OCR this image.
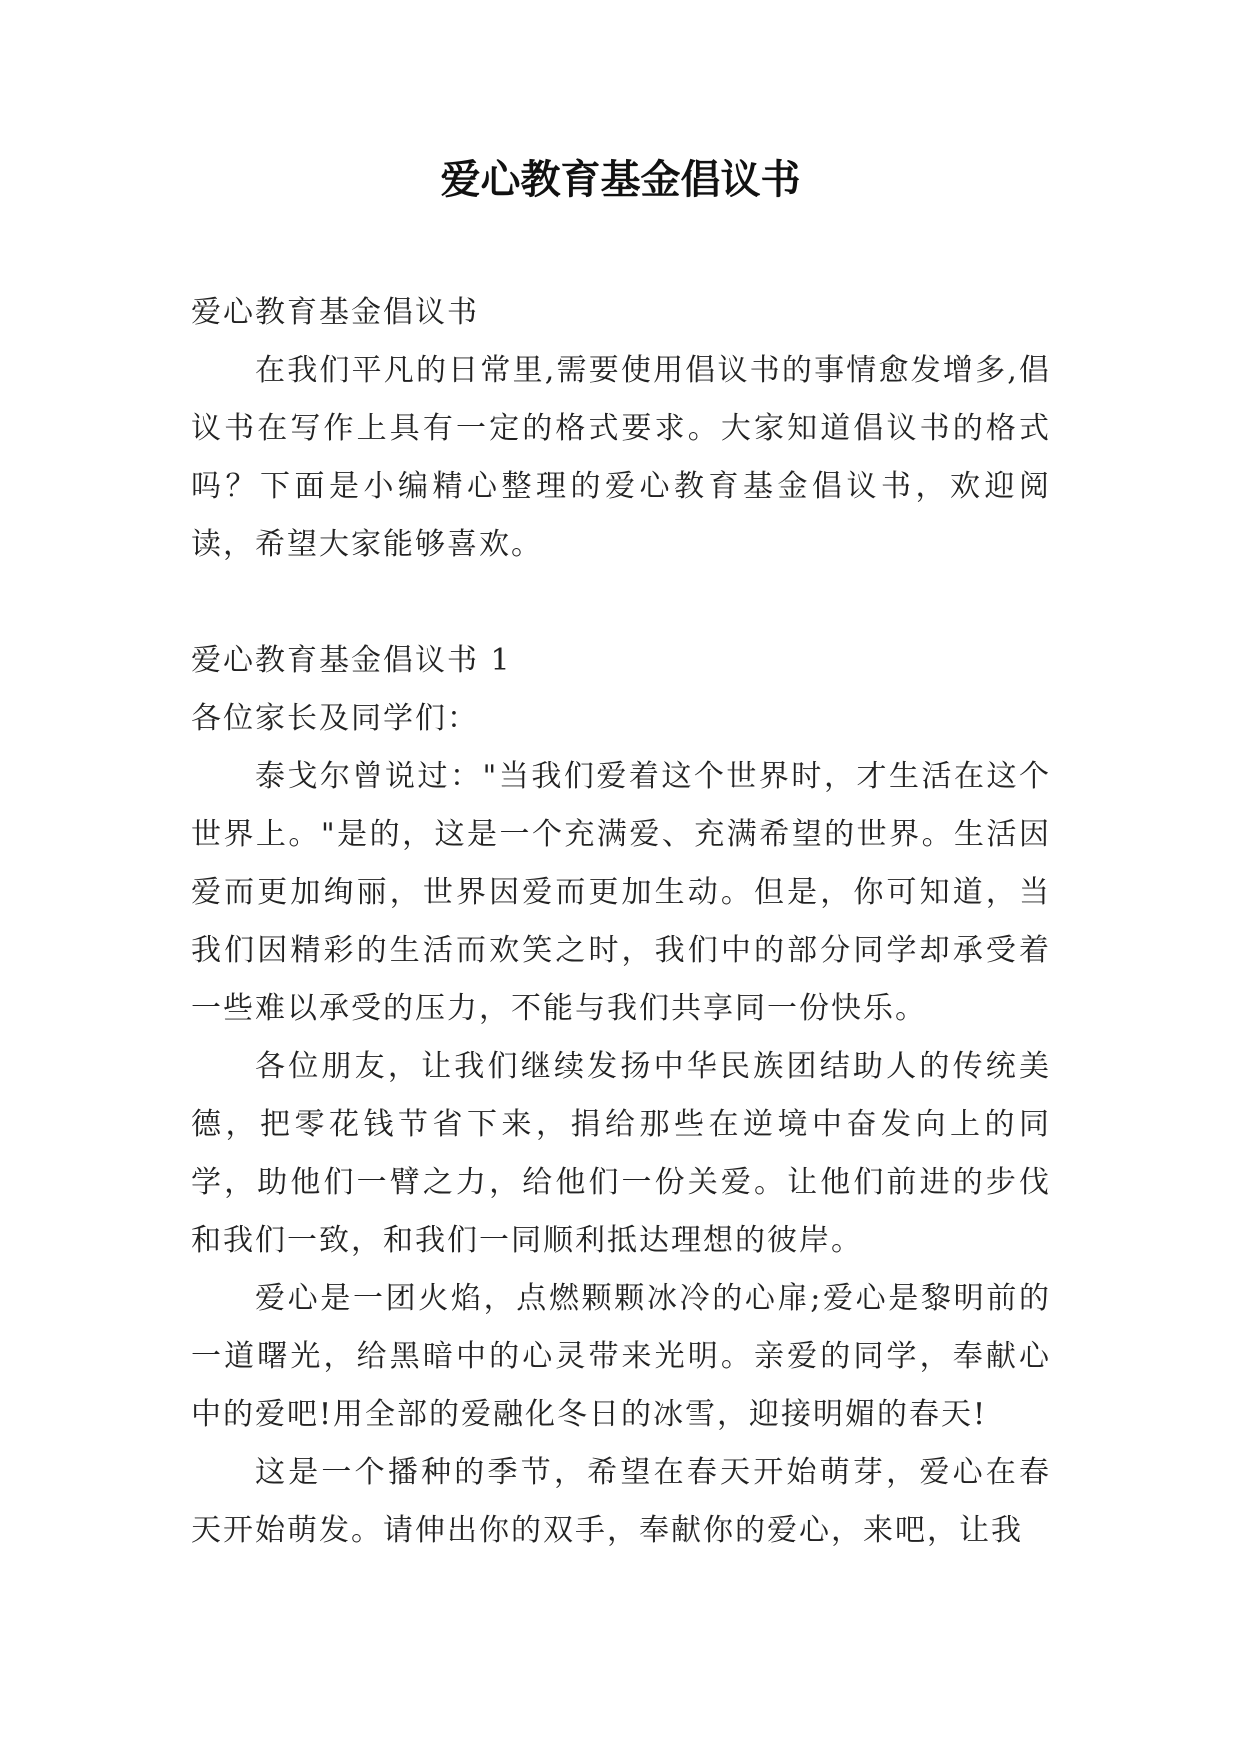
爱心教育基金倡议书

爱心教育基金倡议书

在我们平凡的日常里,需要使用倡议书的事情愈发增多,倡议书在写作上具有一定的格式要求。大家知道倡议书的格式吗？下面是小编精心整理的爱心教育基金倡议书，欢迎阅读，希望大家能够喜欢。

爱心教育基金倡议书 1

各位家长及同学们：

泰戈尔曾说过："当我们爱着这个世界时，才生活在这个世界上。"是的，这是一个充满爱、充满希望的世界。生活因爱而更加绚丽，世界因爱而更加生动。但是，你可知道，当我们因精彩的生活而欢笑之时，我们中的部分同学却承受着一些难以承受的压力，不能与我们共享同一份快乐。

各位朋友，让我们继续发扬中华民族团结助人的传统美德，把零花钱节省下来，捐给那些在逆境中奋发向上的同学，助他们一臂之力，给他们一份关爱。让他们前进的步伐和我们一致，和我们一同顺利抵达理想的彼岸。

爱心是一团火焰，点燃颗颗冰冷的心扉;爱心是黎明前的一道曙光，给黑暗中的心灵带来光明。亲爱的同学，奉献心中的爱吧!用全部的爱融化冬日的冰雪，迎接明媚的春天!

这是一个播种的季节，希望在春天开始萌芽，爱心在春天开始萌发。请伸出你的双手，奉献你的爱心，来吧，让我
